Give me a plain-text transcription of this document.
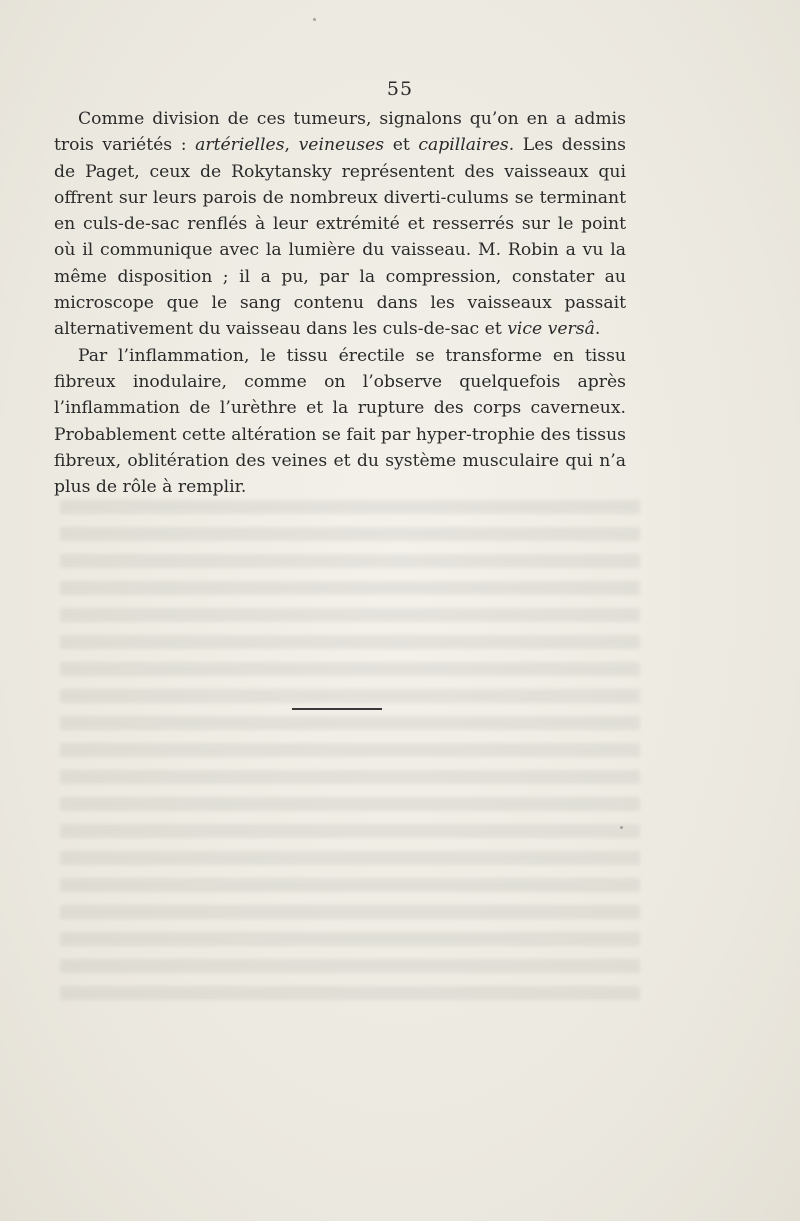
55

Comme division de ces tumeurs, signalons qu’on en a admis trois variétés : artérielles, veineuses et capillaires. Les dessins de Paget, ceux de Rokytansky représentent des vaisseaux qui offrent sur leurs parois de nombreux diverti-culums se terminant en culs-de-sac renflés à leur extrémité et resserrés sur le point où il communique avec la lumière du vaisseau. M. Robin a vu la même disposition ; il a pu, par la compression, constater au microscope que le sang contenu dans les vaisseaux passait alternativement du vaisseau dans les culs-de-sac et vice versâ.

Par l’inflammation, le tissu érectile se transforme en tissu fibreux inodulaire, comme on l’observe quelquefois après l’inflammation de l’urèthre et la rupture des corps caverneux. Probablement cette altération se fait par hyper-trophie des tissus fibreux, oblitération des veines et du système musculaire qui n’a plus de rôle à remplir.
